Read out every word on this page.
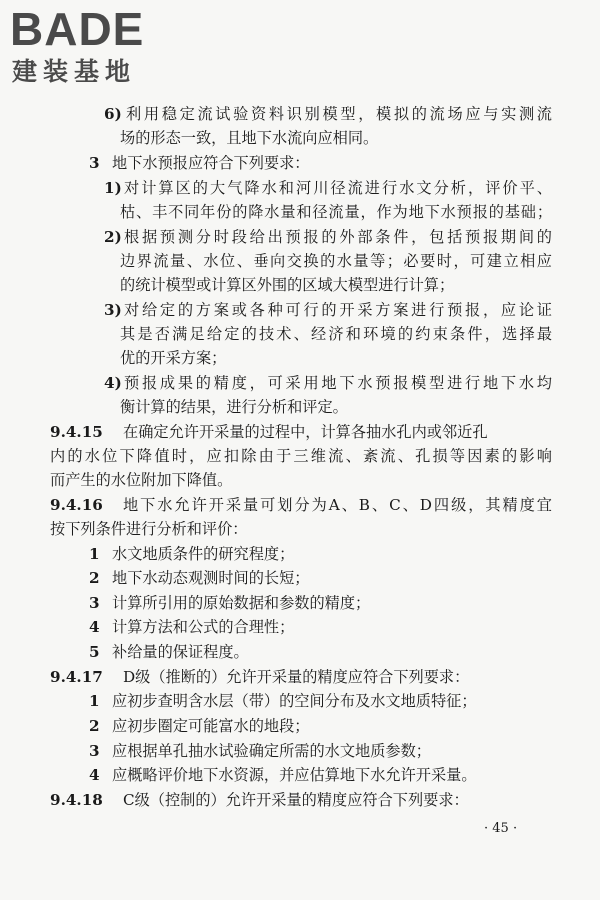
BADE
建装基地
6) 利用稳定流试验资料识别模型，模拟的流场应与实测流
场的形态一致，且地下水流向应相同。
3 地下水预报应符合下列要求：
1) 对计算区的大气降水和河川径流进行水文分析，评价平、
枯、丰不同年份的降水量和径流量，作为地下水预报的基础；
2) 根据预测分时段给出预报的外部条件，包括预报期间的
边界流量、水位、垂向交换的水量等；必要时，可建立相应
的统计模型或计算区外围的区域大模型进行计算；
3) 对给定的方案或各种可行的开采方案进行预报，应论证
其是否满足给定的技术、经济和环境的约束条件，选择最
优的开采方案；
4) 预报成果的精度，可采用地下水预报模型进行地下水均
衡计算的结果，进行分析和评定。
9.4.15 在确定允许开采量的过程中，计算各抽水孔内或邻近孔
内的水位下降值时，应扣除由于三维流、紊流、孔损等因素的影响
而产生的水位附加下降值。
9.4.16 地下水允许开采量可划分为A、B、C、D四级，其精度宜
按下列条件进行分析和评价：
1 水文地质条件的研究程度；
2 地下水动态观测时间的长短；
3 计算所引用的原始数据和参数的精度；
4 计算方法和公式的合理性；
5 补给量的保证程度。
9.4.17 D级（推断的）允许开采量的精度应符合下列要求：
1 应初步查明含水层（带）的空间分布及水文地质特征；
2 应初步圈定可能富水的地段；
3 应根据单孔抽水试验确定所需的水文地质参数；
4 应概略评价地下水资源，并应估算地下水允许开采量。
9.4.18 C级（控制的）允许开采量的精度应符合下列要求：
· 45 ·
